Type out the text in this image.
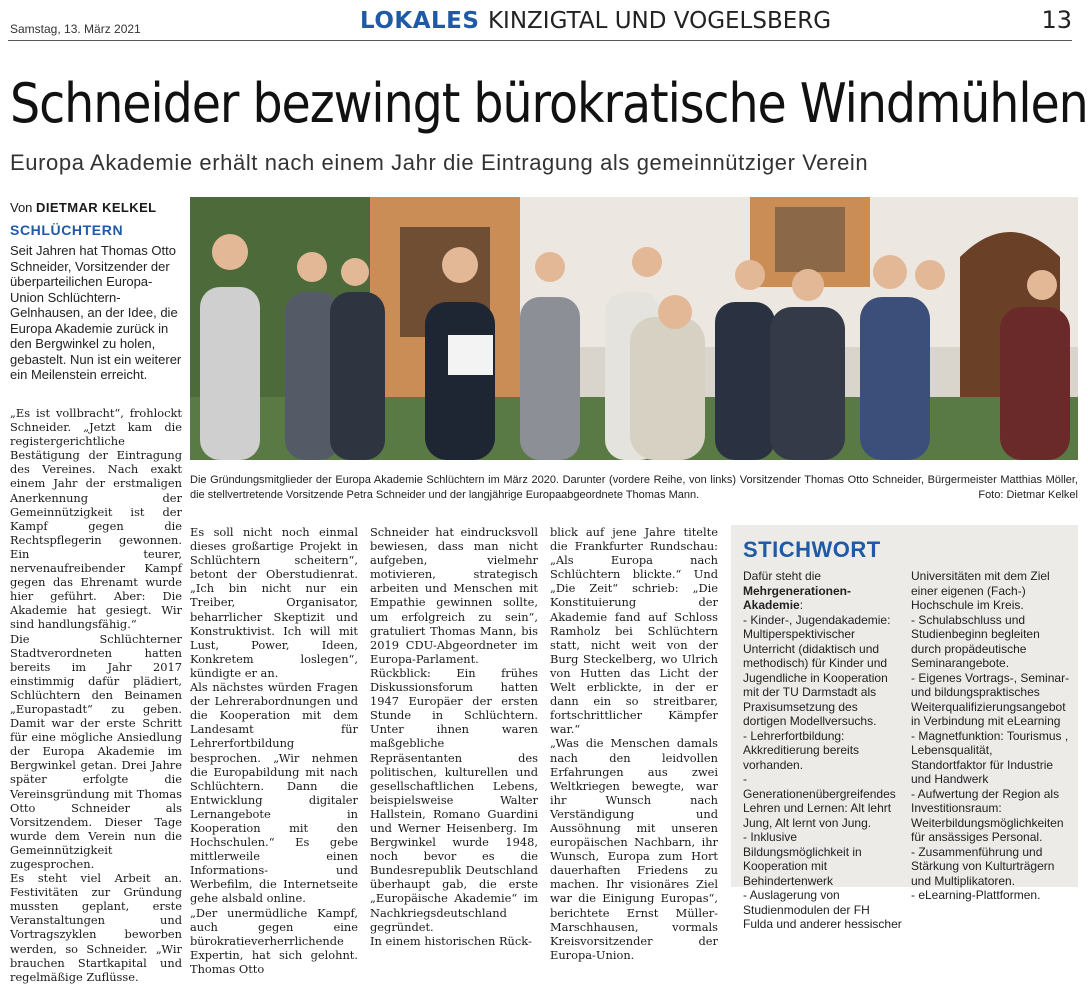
Samstag, 13. März 2021	LOKALES KINZIGTAL UND VOGELSBERG	13
Schneider bezwingt bürokratische Windmühlen
Europa Akademie erhält nach einem Jahr die Eintragung als gemeinnütziger Verein
Von DIETMAR KELKEL
SCHLÜCHTERN
Seit Jahren hat Thomas Otto Schneider, Vorsitzender der überparteilichen Europa-Union Schlüchtern-Gelnhausen, an der Idee, die Europa Akademie zurück in den Bergwinkel zu holen, gebastelt. Nun ist ein weiterer ein Meilenstein erreicht.

„Es ist vollbracht“, frohlockt Schneider. „Jetzt kam die registergerichtliche Bestätigung der Eintragung des Vereines. Nach exakt einem Jahr der erstmaligen Anerkennung der Gemeinnützigkeit ist der Kampf gegen die Rechtspflegerin gewonnen. Ein teurer, nervenaufreibender Kampf gegen das Ehrenamt wurde hier geführt. Aber: Die Akademie hat gesiegt. Wir sind handlungsfähig.“

Die Schlüchterner Stadtverordneten hatten bereits im Jahr 2017 einstimmig dafür plädiert, Schlüchtern den Beinamen „Europastadt“ zu geben. Damit war der erste Schritt für eine mögliche Ansiedlung der Europa Akademie im Bergwinkel getan. Drei Jahre später erfolgte die Vereinsgründung mit Thomas Otto Schneider als Vorsitzendem. Dieser Tage wurde dem Verein nun die Gemeinnützigkeit zugesprochen.

Es steht viel Arbeit an. Festivitäten zur Gründung mussten geplant, erste Veranstaltungen und Vortragszyklen beworben werden, so Schneider. „Wir brauchen Startkapital und regelmäßige Zuflüsse.

Die Gründungsmitglieder der Europa Akademie Schlüchtern im März 2020. Darunter (vordere Reihe, von links) Vorsitzender Thomas Otto Schneider, Bürgermeister Matthias Möller, die stellvertretende Vorsitzende Petra Schneider und der langjährige Europaabgeordnete Thomas Mann.	Foto: Dietmar Kelkel

Es soll nicht noch einmal dieses großartige Projekt in Schlüchtern scheitern“, betont der Oberstudienrat. „Ich bin nicht nur ein Treiber, Organisator, beharrlicher Skeptizit und Konstruktivist. Ich will mit Lust, Power, Ideen, Konkretem loslegen“, kündigte er an.

Als nächstes würden Fragen der Lehrerabordnungen und die Kooperation mit dem Landesamt für Lehrerfortbildung besprochen. „Wir nehmen die Europabildung mit nach Schlüchtern. Dann die Entwicklung digitaler Lernangebote in Kooperation mit den Hochschulen.“ Es gebe mittlerweile einen Informations- und Werbefilm, die Internetseite gehe alsbald online.

„Der unermüdliche Kampf, auch gegen eine bürokratieverherrlichende Expertin, hat sich gelohnt. Thomas Otto

Schneider hat eindrucksvoll bewiesen, dass man nicht aufgeben, vielmehr motivieren, strategisch arbeiten und Menschen mit Empathie gewinnen sollte, um erfolgreich zu sein“, gratuliert Thomas Mann, bis 2019 CDU-Abgeordneter im Europa-Parlament.

Rückblick: Ein frühes Diskussionsforum hatten 1947 Europäer der ersten Stunde in Schlüchtern. Unter ihnen waren maßgebliche Repräsentanten des politischen, kulturellen und gesellschaftlichen Lebens, beispielsweise Walter Hallstein, Romano Guardini und Werner Heisenberg. Im Bergwinkel wurde 1948, noch bevor es die Bundesrepublik Deutschland überhaupt gab, die erste „Europäische Akademie“ im Nachkriegsdeutschland gegründet.

In einem historischen Rück-

blick auf jene Jahre titelte die Frankfurter Rundschau: „Als Europa nach Schlüchtern blickte.“ Und „Die Zeit“ schrieb: „Die Konstituierung der Akademie fand auf Schloss Ramholz bei Schlüchtern statt, nicht weit von der Burg Steckelberg, wo Ulrich von Hutten das Licht der Welt erblickte, in der er dann ein so streitbarer, fortschrittlicher Kämpfer war.“

„Was die Menschen damals nach den leidvollen Erfahrungen aus zwei Weltkriegen bewegte, war ihr Wunsch nach Verständigung und Aussöhnung mit unseren europäischen Nachbarn, ihr Wunsch, Europa zum Hort dauerhaften Friedens zu machen. Ihr visionäres Ziel war die Einigung Europas“, berichtete Ernst Müller-Marschhausen, vormals Kreisvorsitzender der Europa-Union.

STICHWORT
Dafür steht die Mehrgenerationen-Akademie:
- Kinder-, Jugendakademie: Multiperspektivischer Unterricht (didaktisch und methodisch) für Kinder und Jugendliche in Kooperation mit der TU Darmstadt als Praxisumsetzung des dortigen Modellversuchs.
- Lehrerfortbildung: Akkreditierung bereits vorhanden.
- Generationenübergreifendes Lehren und Lernen: Alt lehrt Jung, Alt lernt von Jung.
- Inklusive Bildungsmöglichkeit in Kooperation mit Behindertenwerk
- Auslagerung von Studienmodulen der FH Fulda und anderer hessischer
Universitäten mit dem Ziel einer eigenen (Fach-) Hochschule im Kreis.
- Schulabschluss und Studienbeginn begleiten durch propädeutische Seminarangebote.
- Eigenes Vortrags-, Seminar- und bildungspraktisches Weiterqualifizierungsangebot in Verbindung mit eLearning
- Magnetfunktion: Tourismus , Lebensqualität, Standortfaktor für Industrie und Handwerk
- Aufwertung der Region als Investitionsraum: Weiterbildungsmöglichkeiten für ansässiges Personal.
- Zusammenführung und Stärkung von Kulturträgern und Multiplikatoren.
- eLearning-Plattformen.
